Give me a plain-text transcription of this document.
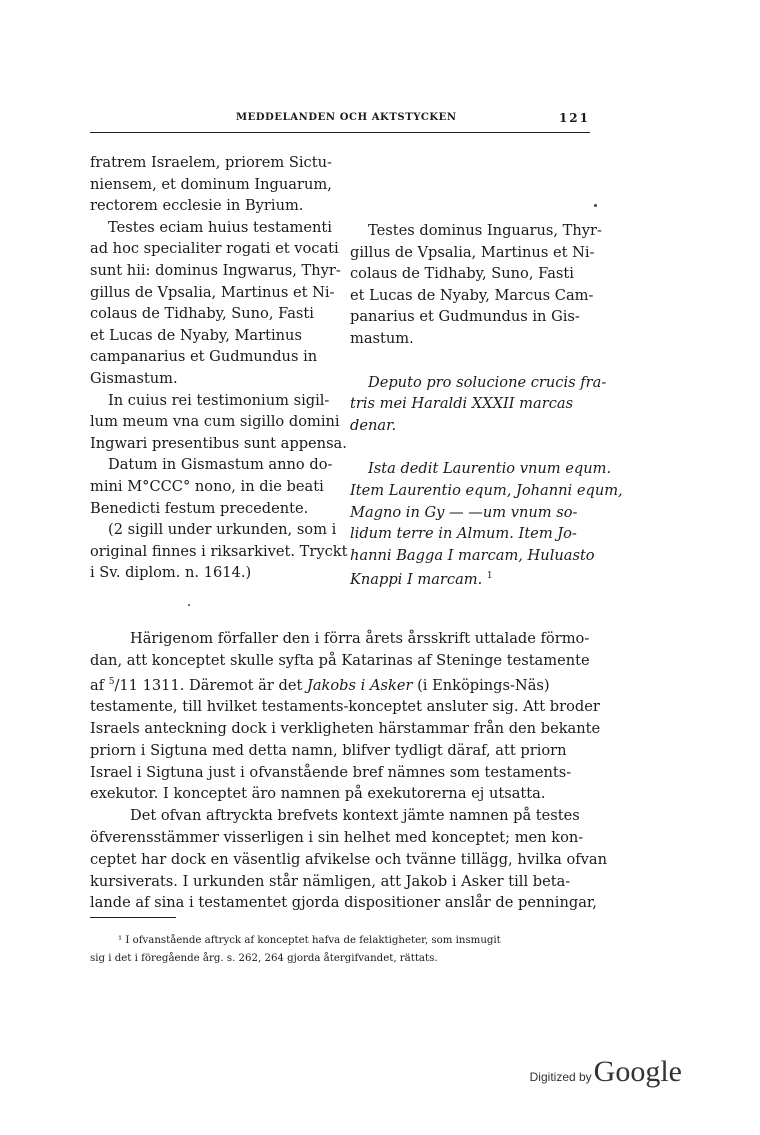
MEDDELANDEN OCH AKTSTYCKEN	121

fratrem Israelem, priorem Sictu-

niensem, et dominum Inguarum,

rectorem ecclesie in Byrium.

Testes eciam huius testamenti

ad hoc specialiter rogati et vocati

sunt hii: dominus Ingwarus, Thyr-

gillus de Vpsalia, Martinus et Ni-

colaus de Tidhaby, Suno, Fasti

et Lucas de Nyaby, Martinus

campanarius et Gudmundus in

Gismastum.

In cuius rei testimonium sigil-

lum meum vna cum sigillo domini

Ingwari presentibus sunt appensa.

Datum in Gismastum anno do-

mini M°CCC° nono, in die beati

Benedicti festum precedente.

(2 sigill under urkunden, som i

original finnes i riksarkivet. Tryckt

i Sv. diplom. n. 1614.)

Testes dominus Inguarus, Thyr-

gillus de Vpsalia, Martinus et Ni-

colaus de Tidhaby, Suno, Fasti

et Lucas de Nyaby, Marcus Cam-

panarius et Gudmundus in Gis-

mastum.

Deputo pro solucione crucis fra-

tris mei Haraldi XXXII marcas

denar.

Ista dedit Laurentio vnum equm.

Item Laurentio equm, Johanni equm,

Magno in Gy — —um vnum so-

lidum terre in Almum. Item Jo-

hanni Bagga I marcam, Huluasto

Knappi I marcam. $^1$

Härigenom förfaller den i förra årets årsskrift uttalade förmo-

dan, att konceptet skulle syfta på Katarinas af Steninge testamente

af $^5$/11 1311. Däremot är det Jakobs i Asker (i Enköpings-Näs)

testamente, till hvilket testaments-konceptet ansluter sig. Att broder

Israels anteckning dock i verkligheten härstammar från den bekante

priorn i Sigtuna med detta namn, blifver tydligt däraf, att priorn

Israel i Sigtuna just i ofvanstående bref nämnes som testaments-

exekutor. I konceptet äro namnen på exekutorerna ej utsatta.

Det ofvan aftryckta brefvets kontext jämte namnen på testes

öfverensstämmer visserligen i sin helhet med konceptet; men kon-

ceptet har dock en väsentlig afvikelse och tvänne tillägg, hvilka ofvan

kursiverats. I urkunden står nämligen, att Jakob i Asker till beta-

lande af sina i testamentet gjorda dispositioner anslår de penningar,

¹ I ofvanstående aftryck af konceptet hafva de felaktigheter, som insmugit

sig i det i föregående årg. s. 262, 264 gjorda återgifvandet, rättats.

Digitized by Google
